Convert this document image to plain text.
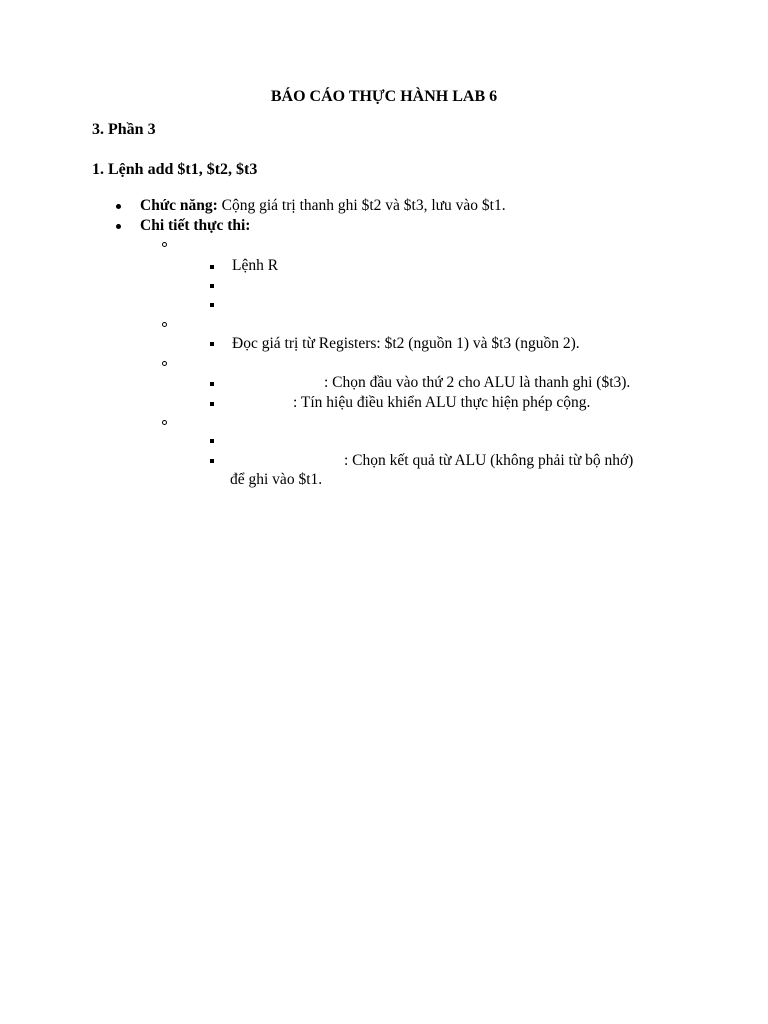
BÁO CÁO THỰC HÀNH LAB 6
3. Phần 3
1. Lệnh add $t1, $t2, $t3
Chức năng: Cộng giá trị thanh ghi $t2 và $t3, lưu vào $t1.
Chi tiết thực thi:
Lệnh R
Đọc giá trị từ Registers: $t2 (nguồn 1) và $t3 (nguồn 2).
: Chọn đầu vào thứ 2 cho ALU là thanh ghi ($t3).
: Tín hiệu điều khiển ALU thực hiện phép cộng.
: Chọn kết quả từ ALU (không phải từ bộ nhớ)
để ghi vào $t1.
